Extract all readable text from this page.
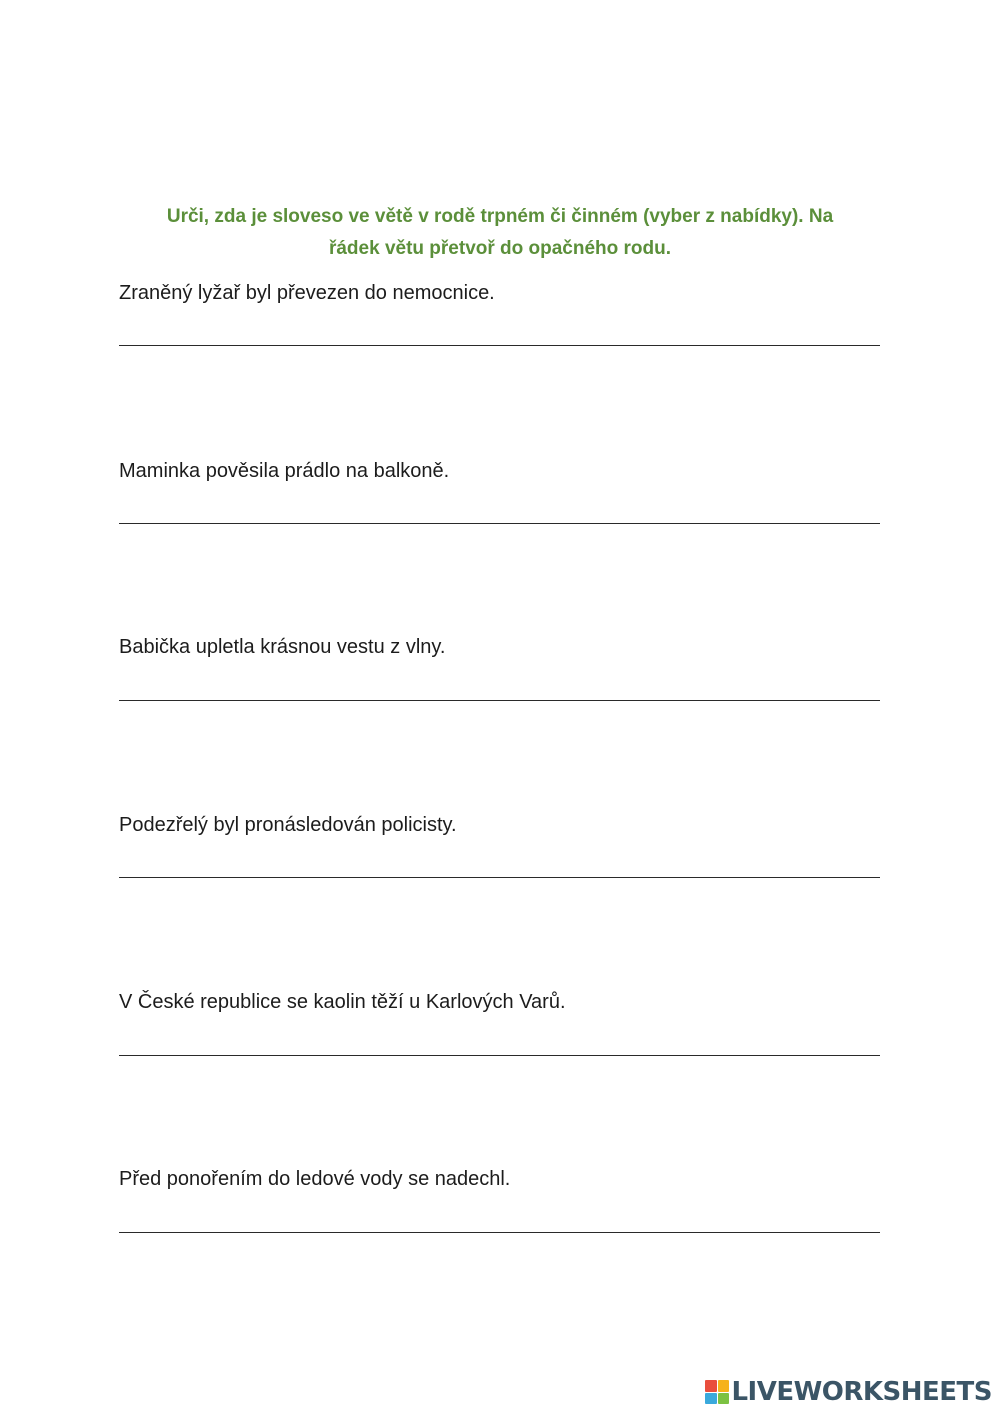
Urči, zda je sloveso ve větě v rodě trpném či činném (vyber z nabídky). Na
řádek větu přetvoř do opačného rodu.
Zraněný lyžař byl převezen do nemocnice.
Maminka pověsila prádlo na balkoně.
Babička upletla krásnou vestu z vlny.
Podezřelý byl pronásledován policisty.
V České republice se kaolin těží u Karlových Varů.
Před ponořením do ledové vody se nadechl.
LIVEWORKSHEETS
